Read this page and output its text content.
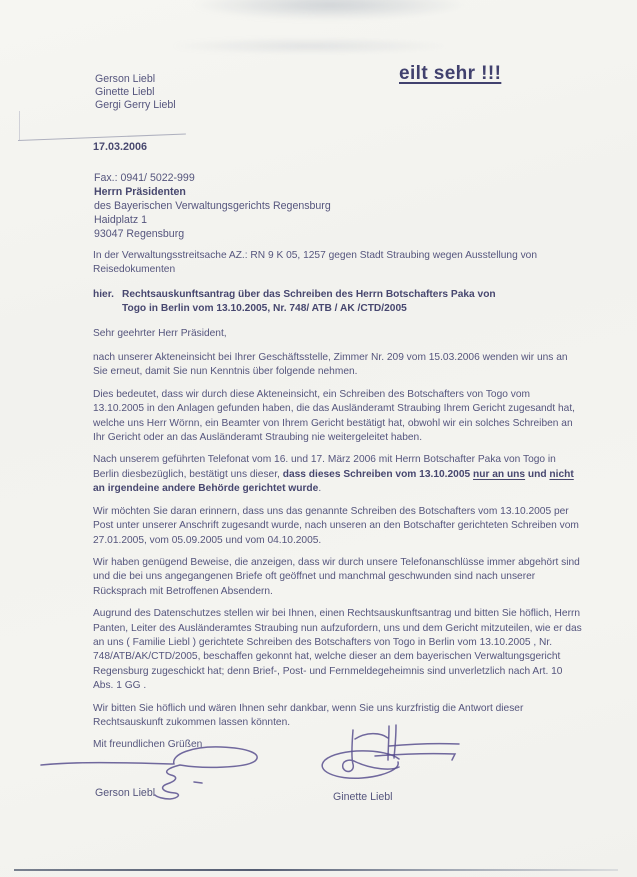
Gerson Liebl
Ginette Liebl
Gergi Gerry Liebl
eilt sehr !!!
17.03.2006
Fax.: 0941/ 5022-999
Herrn Präsidenten
des Bayerischen Verwaltungsgerichts Regensburg
Haidplatz 1
93047 Regensburg

In der Verwaltungsstreitsache AZ.: RN 9 K 05, 1257 gegen Stadt Straubing wegen Ausstellung von Reisedokumenten

hier. Rechtsauskunftsantrag über das Schreiben des Herrn Botschafters Paka von
Togo in Berlin vom 13.10.2005, Nr. 748/ ATB / AK /CTD/2005

Sehr geehrter Herr Präsident,

nach unserer Akteneinsicht bei Ihrer Geschäftsstelle, Zimmer Nr. 209 vom 15.03.2006 wenden wir uns an Sie erneut, damit Sie nun Kenntnis über folgende nehmen.

Dies bedeutet, dass wir durch diese Akteneinsicht, ein Schreiben des Botschafters von Togo vom 13.10.2005 in den Anlagen gefunden haben, die das Ausländeramt Straubing Ihrem Gericht zugesandt hat, welche uns Herr Wörnn, ein Beamter von Ihrem Gericht bestätigt hat, obwohl wir ein solches Schreiben an Ihr Gericht oder an das Ausländeramt Straubing nie weitergeleitet haben.

Nach unserem geführten Telefonat vom 16. und 17. März 2006 mit Herrn Botschafter Paka von Togo in Berlin diesbezüglich, bestätigt uns dieser, dass dieses Schreiben vom 13.10.2005 nur an uns und nicht an irgendeine andere Behörde gerichtet wurde.

Wir möchten Sie daran erinnern, dass uns das genannte Schreiben des Botschafters vom 13.10.2005 per Post unter unserer Anschrift zugesandt wurde, nach unseren an den Botschafter gerichteten Schreiben vom 27.01.2005, vom 05.09.2005 und vom 04.10.2005.

Wir haben genügend Beweise, die anzeigen, dass wir durch unsere Telefonanschlüsse immer abgehört sind und die bei uns angegangenen Briefe oft geöffnet und manchmal geschwunden sind nach unserer Rücksprach mit Betroffenen Absendern.

Augrund des Datenschutzes stellen wir bei Ihnen, einen Rechtsauskunftsantrag und bitten Sie höflich, Herrn Panten, Leiter des Ausländeramtes Straubing nun aufzufordern, uns und dem Gericht mitzuteilen, wie er das an uns ( Familie Liebl ) gerichtete Schreiben des Botschafters von Togo in Berlin vom 13.10.2005 , Nr. 748/ATB/AK/CTD/2005, beschaffen gekonnt hat, welche dieser an dem bayerischen Verwaltungsgericht Regensburg zugeschickt hat; denn Brief-, Post- und Fernmeldegeheimnis sind unverletzlich nach Art. 10 Abs. 1 GG .

Wir bitten Sie höflich und wären Ihnen sehr dankbar, wenn Sie uns kurzfristig die Antwort dieser Rechtsauskunft zukommen lassen könnten.

Mit freundlichen Grüßen

Gerson Liebl	Ginette Liebl
